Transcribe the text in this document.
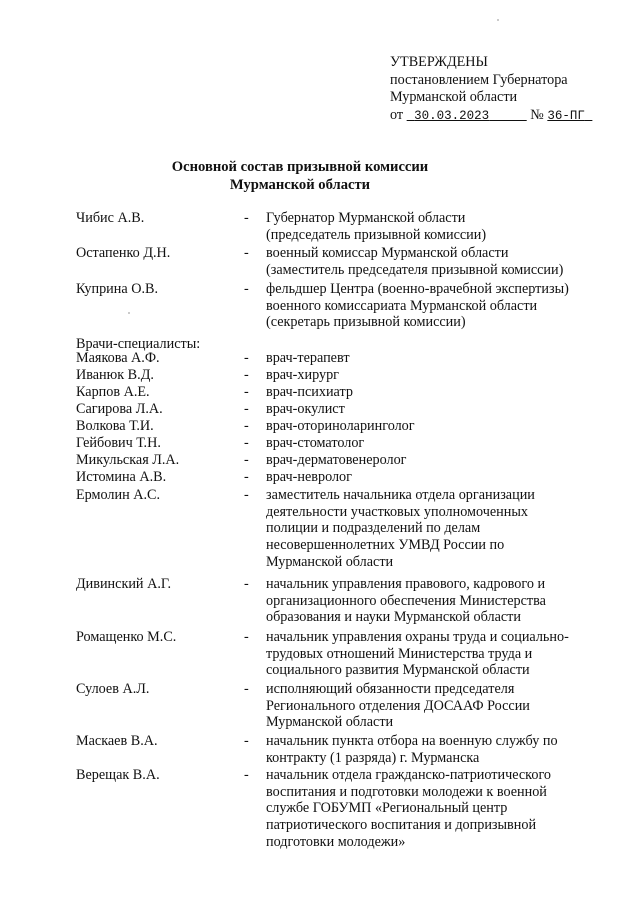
УТВЕРЖДЕНЫ
постановлением Губернатора
Мурманской области
от 30.03.2023	№ 36-ПГ
Основной состав призывной комиссии
Мурманской области
Врачи-специалисты:
Чибис А.В.	- Губернатор Мурманской области
(председатель призывной комиссии)
Остапенко Д.Н.	- военный комиссар Мурманской области
(заместитель председателя призывной комиссии)
Куприна О.В.	- фельдшер Центра (военно-врачебной экспертизы)
военного комиссариата Мурманской области
(секретарь призывной комиссии)
Маякова А.Ф.	- врач-терапевт
Иванюк В.Д.	- врач-хирург
Карпов А.Е.	- врач-психиатр
Сагирова Л.А.	- врач-окулист
Волкова Т.И.	- врач-оториноларинголог
Гейбович Т.Н.	- врач-стоматолог
Микульская Л.А.	- врач-дерматовенеролог
Истомина А.В.	- врач-невролог
Ермолин А.С.	- заместитель начальника отдела организации
деятельности участковых уполномоченных
полиции и подразделений по делам
несовершеннолетних УМВД России по
Мурманской области
Дивинский А.Г.	- начальник управления правового, кадрового и
организационного обеспечения Министерства
образования и науки Мурманской области
Ромащенко М.С.	- начальник управления охраны труда и социально-
трудовых отношений Министерства труда и
социального развития Мурманской области
Сулоев А.Л.	- исполняющий обязанности председателя
Регионального отделения ДОСААФ России
Мурманской области
Маскаев В.А.	- начальник пункта отбора на военную службу по
контракту (1 разряда) г. Мурманска
Верещак В.А.	- начальник отдела гражданско-патриотического
воспитания и подготовки молодежи к военной
службе ГОБУМП «Региональный центр
патриотического воспитания и допризывной
подготовки молодежи»
